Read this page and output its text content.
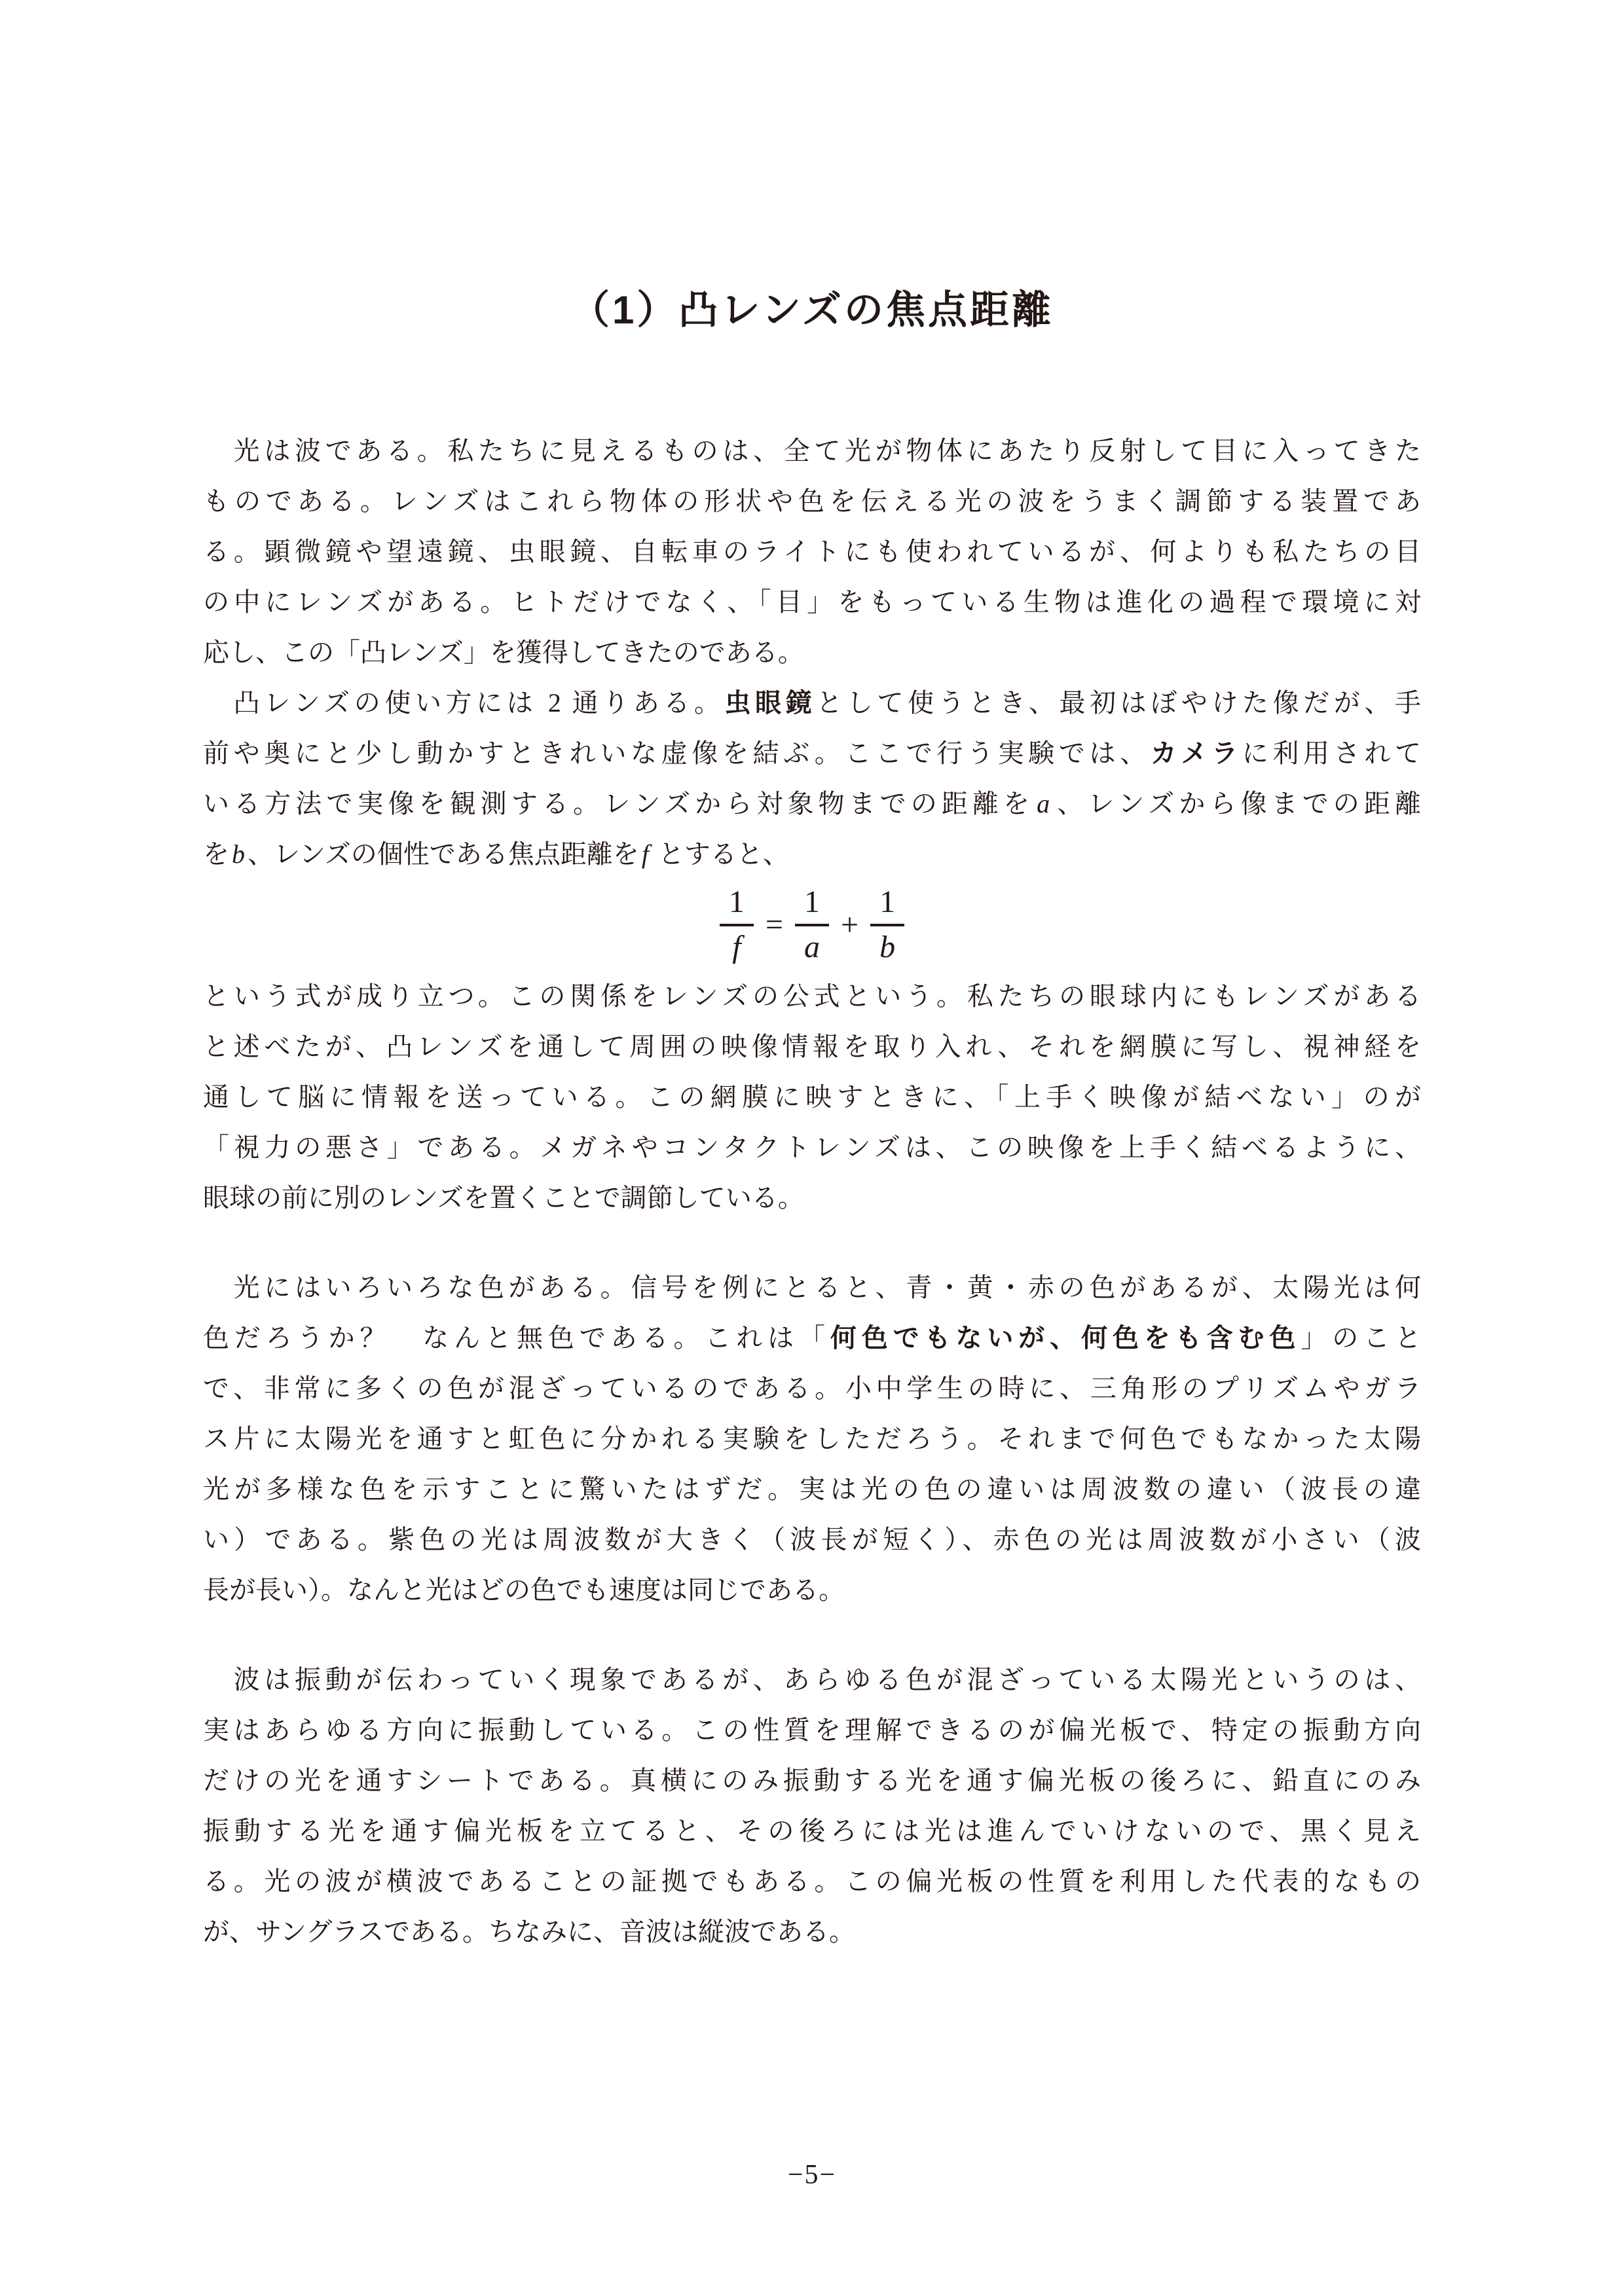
（1）凸レンズの焦点距離
　光は波である。私たちに見えるものは、全て光が物体にあたり反射して目に入ってきた
ものである。レンズはこれら物体の形状や色を伝える光の波をうまく調節する装置であ
る。顕微鏡や望遠鏡、虫眼鏡、自転車のライトにも使われているが、何よりも私たちの目
の中にレンズがある。ヒトだけでなく、「目」をもっている生物は進化の過程で環境に対
応し、この「凸レンズ」を獲得してきたのである。
　凸レンズの使い方には 2 通りある。虫眼鏡として使うとき、最初はぼやけた像だが、手
前や奥にと少し動かすときれいな虚像を結ぶ。ここで行う実験では、カメラに利用されて
いる方法で実像を観測する。レンズから対象物までの距離を a 、レンズから像までの距離
を b 、レンズの個性である焦点距離を f とすると、
$\frac{1}{f} = \frac{1}{a} + \frac{1}{b}$
という式が成り立つ。この関係をレンズの公式という。私たちの眼球内にもレンズがある
と述べたが、凸レンズを通して周囲の映像情報を取り入れ、それを網膜に写し、視神経を
通して脳に情報を送っている。この網膜に映すときに、「上手く映像が結べない」のが
「視力の悪さ」である。メガネやコンタクトレンズは、この映像を上手く結べるように、
眼球の前に別のレンズを置くことで調節している。
　光にはいろいろな色がある。信号を例にとると、青・黄・赤の色があるが、太陽光は何
色だろうか？　なんと無色である。これは「何色でもないが、何色をも含む色」のこと
で、非常に多くの色が混ざっているのである。小中学生の時に、三角形のプリズムやガラ
ス片に太陽光を通すと虹色に分かれる実験をしただろう。それまで何色でもなかった太陽
光が多様な色を示すことに驚いたはずだ。実は光の色の違いは周波数の違い（波長の違
い）である。紫色の光は周波数が大きく（波長が短く）、赤色の光は周波数が小さい（波
長が長い）。なんと光はどの色でも速度は同じである。
　波は振動が伝わっていく現象であるが、あらゆる色が混ざっている太陽光というのは、
実はあらゆる方向に振動している。この性質を理解できるのが偏光板で、特定の振動方向
だけの光を通すシートである。真横にのみ振動する光を通す偏光板の後ろに、鉛直にのみ
振動する光を通す偏光板を立てると、その後ろには光は進んでいけないので、黒く見え
る。光の波が横波であることの証拠でもある。この偏光板の性質を利用した代表的なもの
が、サングラスである。ちなみに、音波は縦波である。
−5−
